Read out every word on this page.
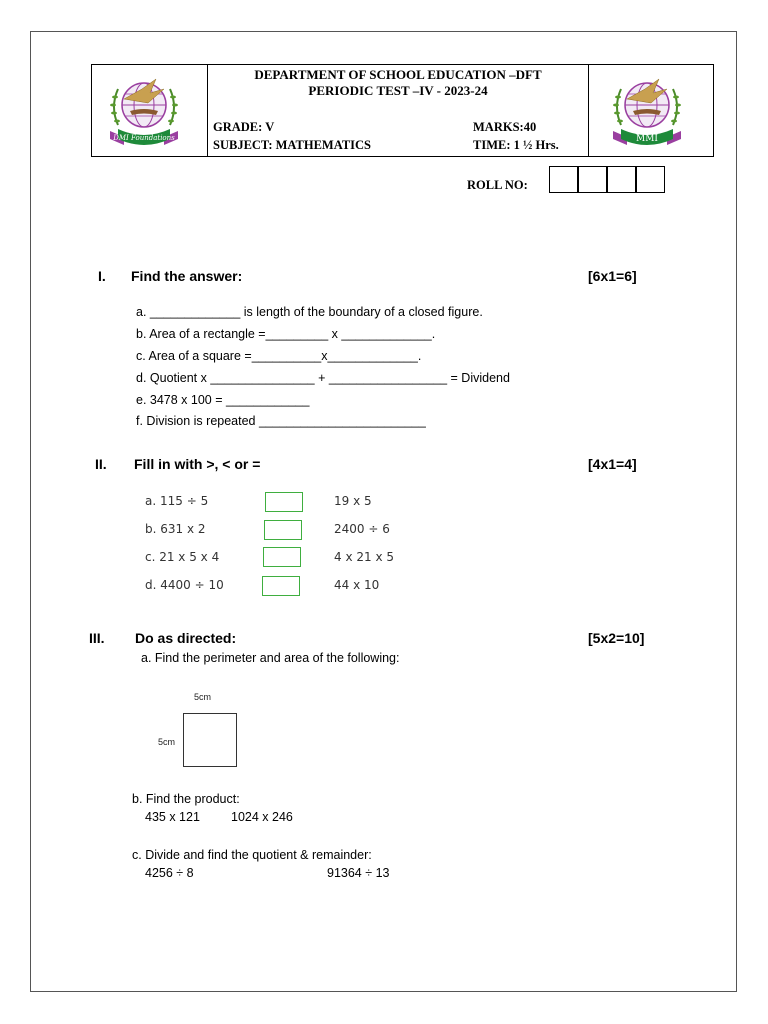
DMI Foundations
DEPARTMENT OF SCHOOL EDUCATION –DFT
PERIODIC TEST –IV - 2023-24
GRADE: V
SUBJECT: MATHEMATICS
MARKS:40
TIME: 1 ½ Hrs.	MMI
ROLL NO:
I. Find the answer:	[6x1=6]
a. _____________ is length of the boundary of a closed figure.
b. Area of a rectangle =_________ x _____________.
c. Area of a square =__________x_____________.
d. Quotient x _______________ + _________________ = Dividend
e. 3478 x 100 = ____________
f. Division is repeated ________________________
II. Fill in with >, < or =	[4x1=4]
a. 115 ÷ 5	19 x 5
b. 631 x 2	2400 ÷ 6
c. 21 x 5 x 4	4 x 21 x 5
d. 4400 ÷ 10	44 x 10
III. Do as directed:	[5x2=10]
a. Find the perimeter and area of the following:
5cm
5cm
b. Find the product:
435 x 121 1024 x 246
c. Divide and find the quotient & remainder:
4256 ÷ 8	91364 ÷ 13
